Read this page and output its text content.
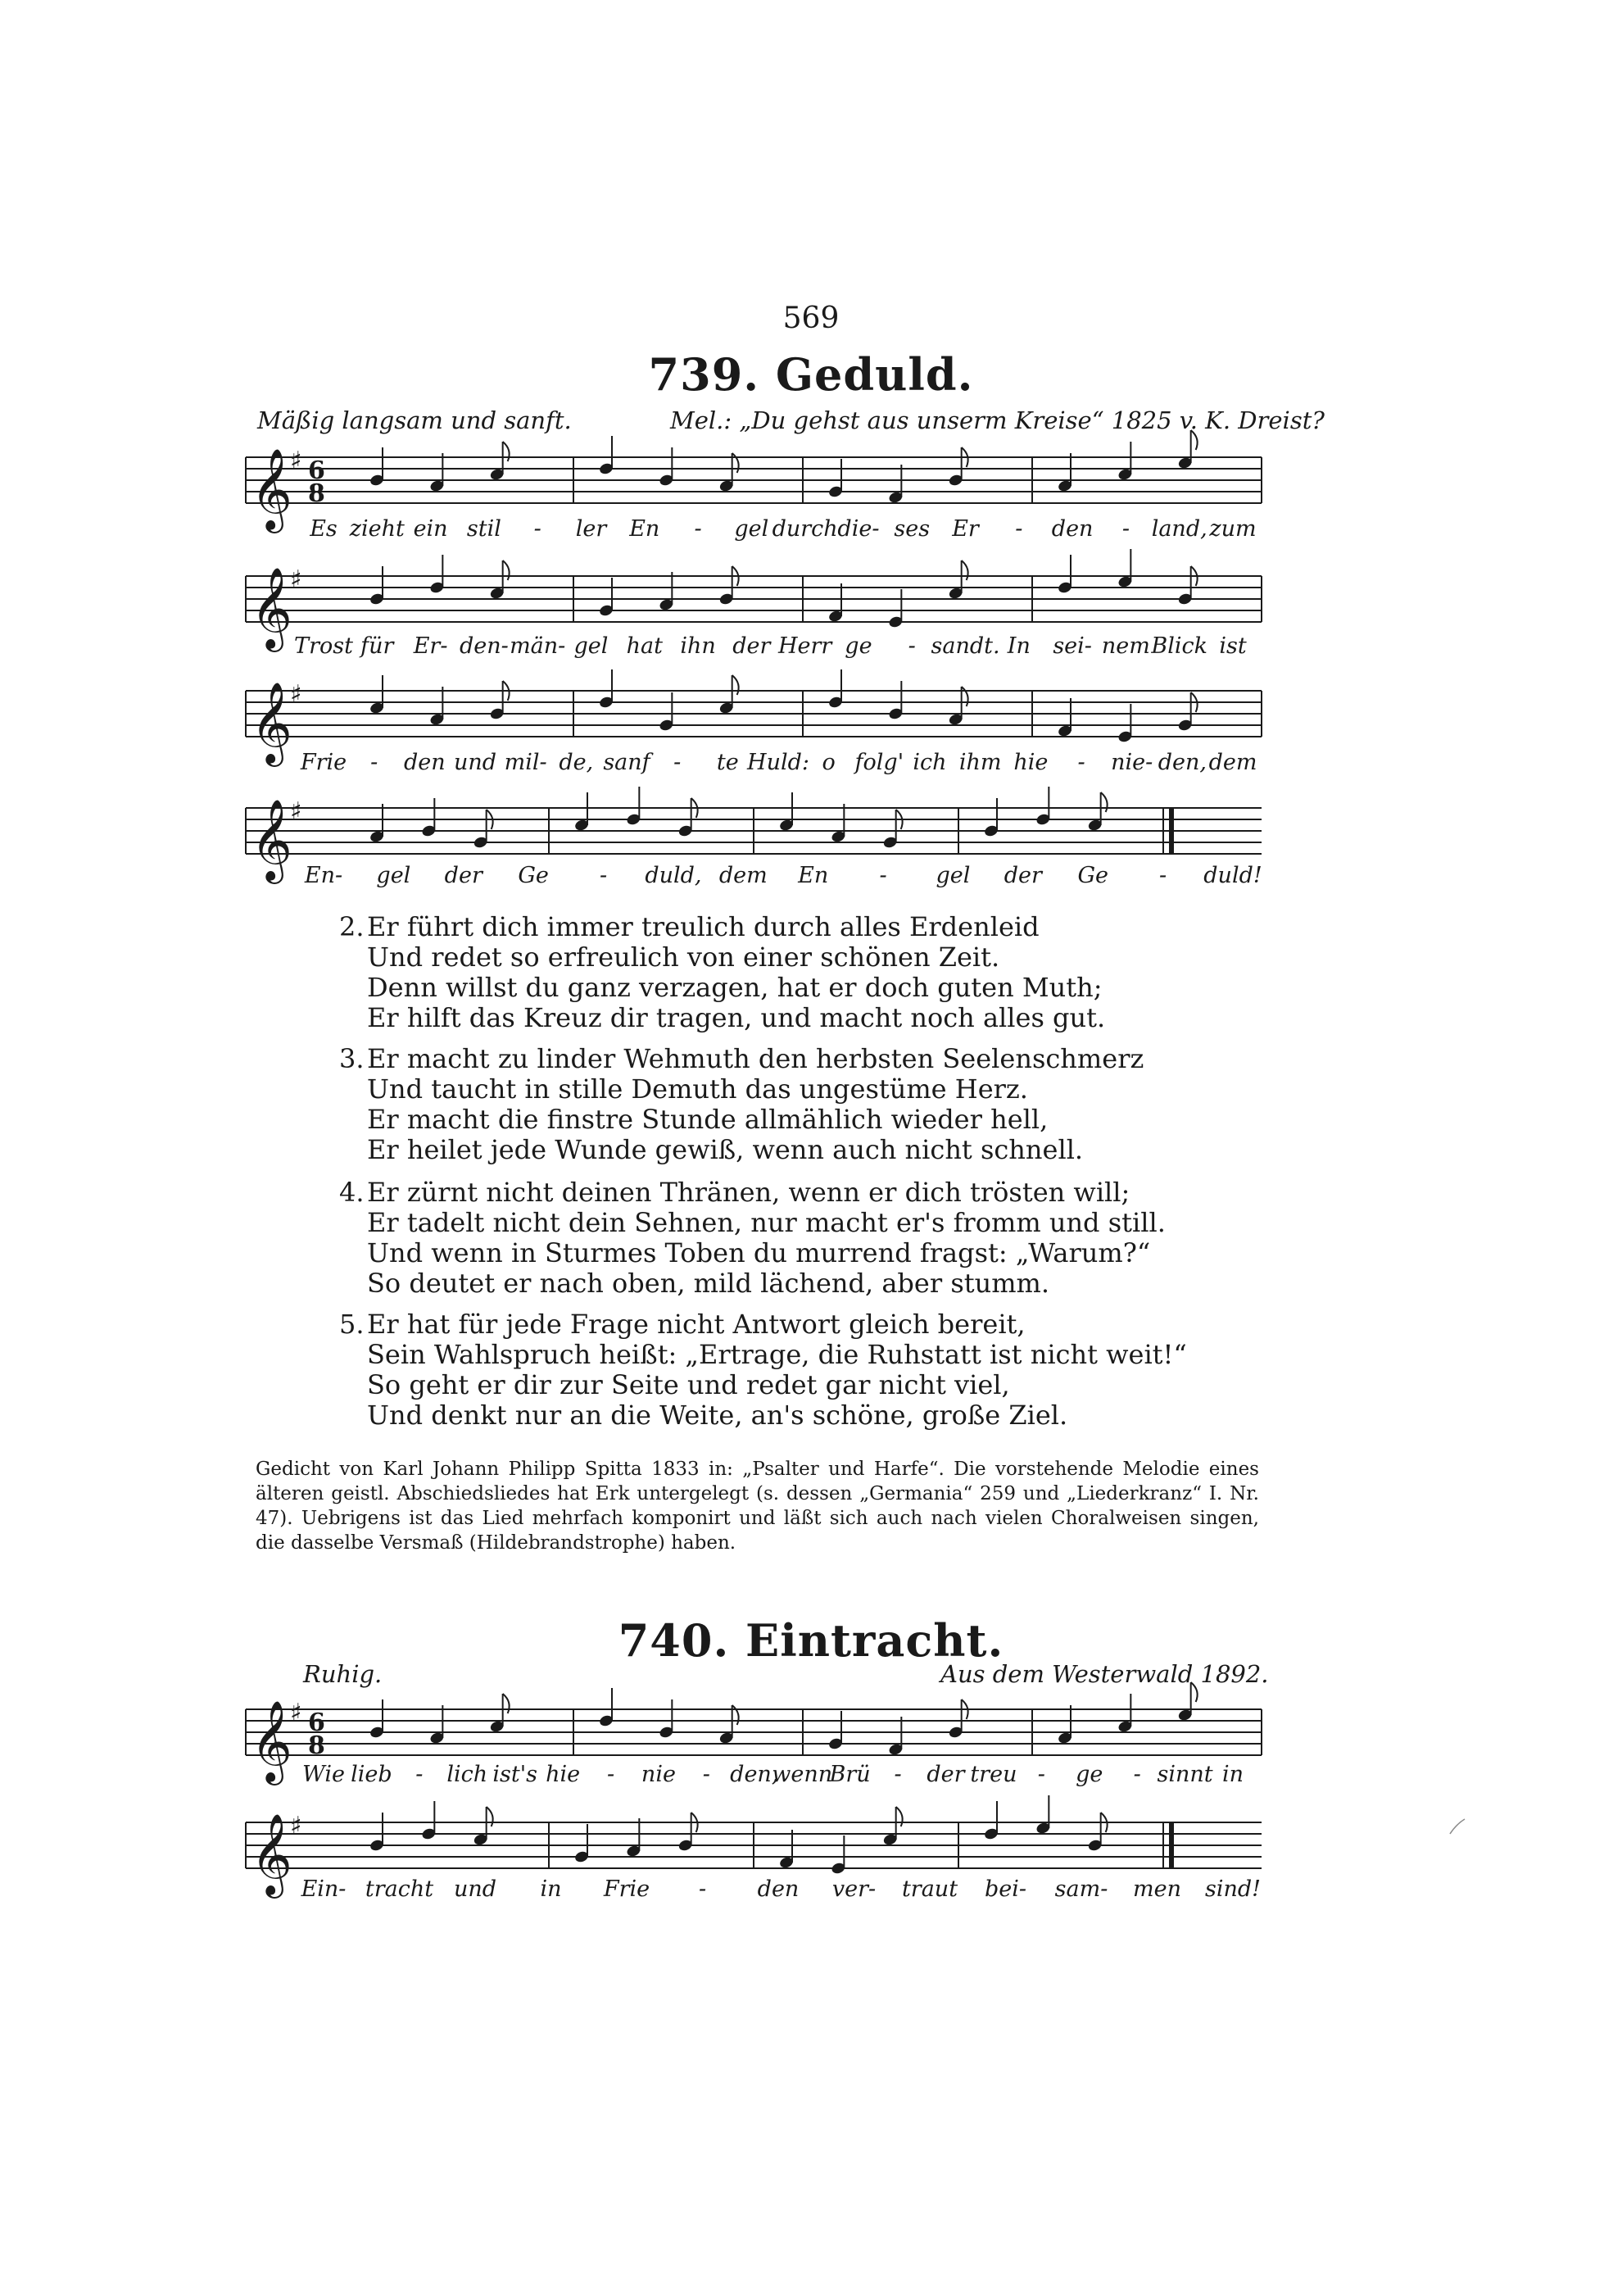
569
739. Geduld.
Mäßig langsam und sanft.	Mel.: „Du gehst aus unserm Kreise“ 1825 v. K. Dreist?
𝄞
♯ 6
8
Es zieht ein stil - ler En - gel durch die- ses Er - den - land, zum
𝄞
♯
Trost für Er- den- män- gel hat ihn der Herr ge - sandt. In sei- nem Blick ist
𝄞
♯
Frie - den und mil- de, sanf - te Huld: o folg' ich ihm hie - nie- den, dem
𝄞
♯
En- gel der Ge - duld, dem En - gel der Ge - duld!
2. Er führt dich immer treulich durch alles Erdenleid
Und redet so erfreulich von einer schönen Zeit.
Denn willst du ganz verzagen, hat er doch guten Muth;
Er hilft das Kreuz dir tragen, und macht noch alles gut.
3. Er macht zu linder Wehmuth den herbsten Seelenschmerz
Und taucht in stille Demuth das ungestüme Herz.
Er macht die finstre Stunde allmählich wieder hell,
Er heilet jede Wunde gewiß, wenn auch nicht schnell.
4. Er zürnt nicht deinen Thränen, wenn er dich trösten will;
Er tadelt nicht dein Sehnen, nur macht er's fromm und still.
Und wenn in Sturmes Toben du murrend fragst: „Warum?“
So deutet er nach oben, mild lächend, aber stumm.
5. Er hat für jede Frage nicht Antwort gleich bereit,
Sein Wahlspruch heißt: „Ertrage, die Ruhstatt ist nicht weit!“
So geht er dir zur Seite und redet gar nicht viel,
Und denkt nur an die Weite, an's schöne, große Ziel.
Gedicht von Karl Johann Philipp Spitta 1833 in: „Psalter und Harfe“. Die vorstehende Melodie eines älteren geistl. Abschiedsliedes hat Erk untergelegt (s. dessen „Germania“ 259 und „Liederkranz“ I. Nr. 47). Uebrigens ist das Lied mehrfach komponirt und läßt sich auch nach vielen Choralweisen singen, die dasselbe Versmaß (Hildebrandstrophe) haben.
740. Eintracht.
Ruhig.	Aus dem Westerwald 1892.
𝄞
♯ 6
8
Wie lieb - lich ist's hie - nie - den,
wenn
Brü - der treu - ge - sinnt in
𝄞
♯
Ein- tracht und in Frie - den ver- traut bei- sam- men sind!
